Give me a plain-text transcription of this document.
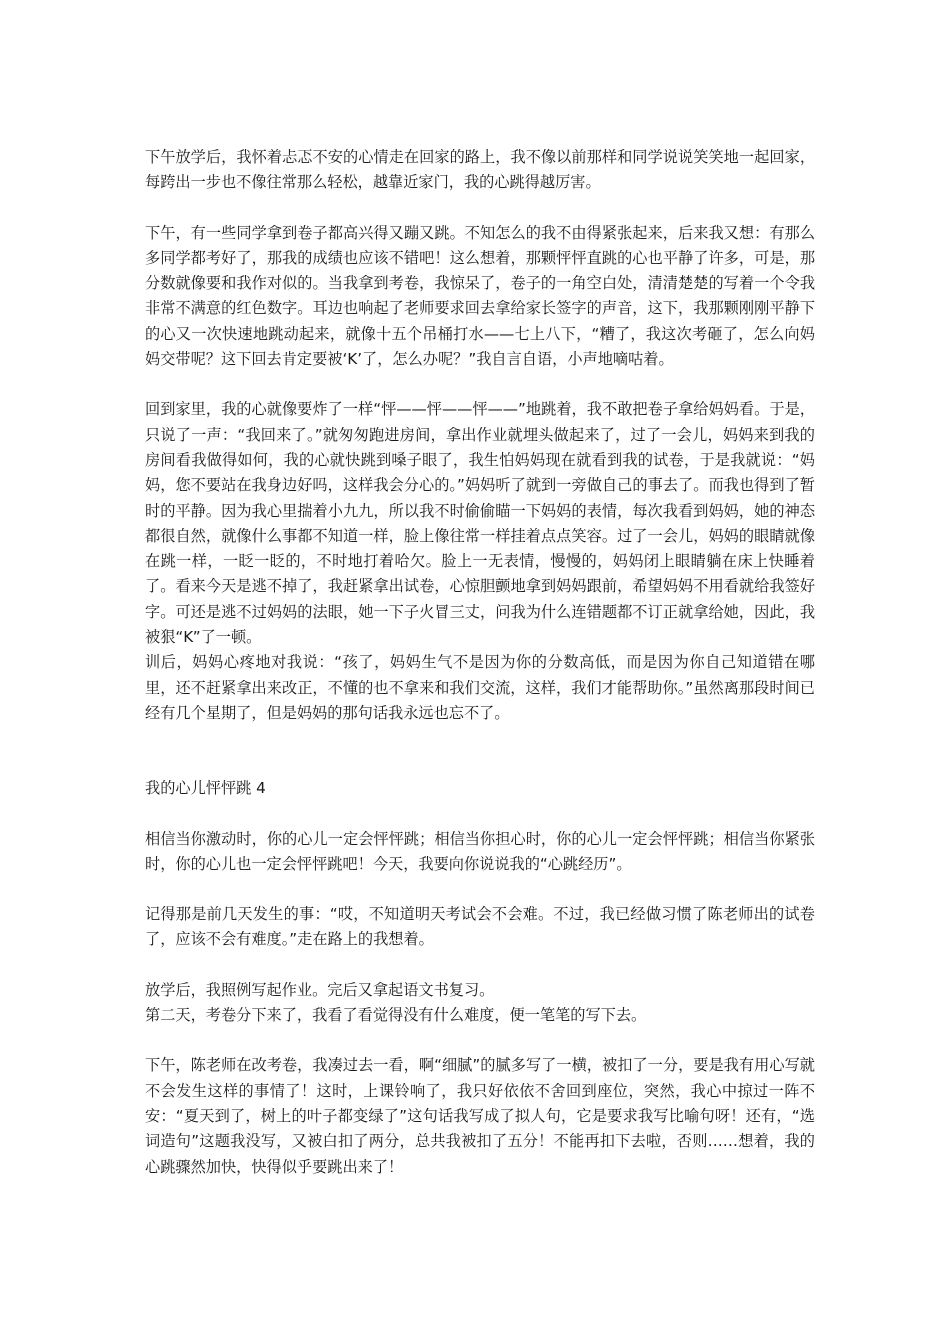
下午放学后，我怀着忐忑不安的心情走在回家的路上，我不像以前那样和同学说说笑笑地一起回家，每跨出一步也不像往常那么轻松，越靠近家门，我的心跳得越厉害。

下午，有一些同学拿到卷子都高兴得又蹦又跳。不知怎么的我不由得紧张起来，后来我又想：有那么多同学都考好了，那我的成绩也应该不错吧！这么想着，那颗怦怦直跳的心也平静了许多，可是，那分数就像要和我作对似的。当我拿到考卷，我惊呆了，卷子的一角空白处，清清楚楚的写着一个令我非常不满意的红色数字。耳边也响起了老师要求回去拿给家长签字的声音，这下，我那颗刚刚平静下的心又一次快速地跳动起来，就像十五个吊桶打水——七上八下，“糟了，我这次考砸了，怎么向妈妈交带呢？这下回去肯定要被‘K’了，怎么办呢？”我自言自语，小声地嘀咕着。

回到家里，我的心就像要炸了一样“怦——怦——怦——”地跳着，我不敢把卷子拿给妈妈看。于是，只说了一声：“我回来了。”就匆匆跑进房间，拿出作业就埋头做起来了，过了一会儿，妈妈来到我的房间看我做得如何，我的心就快跳到嗓子眼了，我生怕妈妈现在就看到我的试卷，于是我就说：“妈妈，您不要站在我身边好吗，这样我会分心的。”妈妈听了就到一旁做自己的事去了。而我也得到了暂时的平静。因为我心里揣着小九九，所以我不时偷偷瞄一下妈妈的表情，每次我看到妈妈，她的神态都很自然，就像什么事都不知道一样，脸上像往常一样挂着点点笑容。过了一会儿，妈妈的眼睛就像在跳一样，一眨一眨的，不时地打着哈欠。脸上一无表情，慢慢的，妈妈闭上眼睛躺在床上快睡着了。看来今天是逃不掉了，我赶紧拿出试卷，心惊胆颤地拿到妈妈跟前，希望妈妈不用看就给我签好字。可还是逃不过妈妈的法眼，她一下子火冒三丈，问我为什么连错题都不订正就拿给她，因此，我被狠“K”了一顿。
训后，妈妈心疼地对我说：“孩了，妈妈生气不是因为你的分数高低，而是因为你自己知道错在哪里，还不赶紧拿出来改正，不懂的也不拿来和我们交流，这样，我们才能帮助你。”虽然离那段时间已经有几个星期了，但是妈妈的那句话我永远也忘不了。

我的心儿怦怦跳 4

相信当你激动时，你的心儿一定会怦怦跳；相信当你担心时，你的心儿一定会怦怦跳；相信当你紧张时，你的心儿也一定会怦怦跳吧！今天，我要向你说说我的“心跳经历”。

记得那是前几天发生的事：“哎，不知道明天考试会不会难。不过，我已经做习惯了陈老师出的试卷了，应该不会有难度。”走在路上的我想着。

放学后，我照例写起作业。完后又拿起语文书复习。
第二天，考卷分下来了，我看了看觉得没有什么难度，便一笔笔的写下去。

下午，陈老师在改考卷，我凑过去一看，啊“细腻”的腻多写了一横，被扣了一分，要是我有用心写就不会发生这样的事情了！这时，上课铃响了，我只好依依不舍回到座位，突然，我心中掠过一阵不安：“夏天到了，树上的叶子都变绿了”这句话我写成了拟人句，它是要求我写比喻句呀！还有，“选词造句”这题我没写，又被白扣了两分，总共我被扣了五分！不能再扣下去啦，否则……想着，我的心跳骤然加快，快得似乎要跳出来了！
